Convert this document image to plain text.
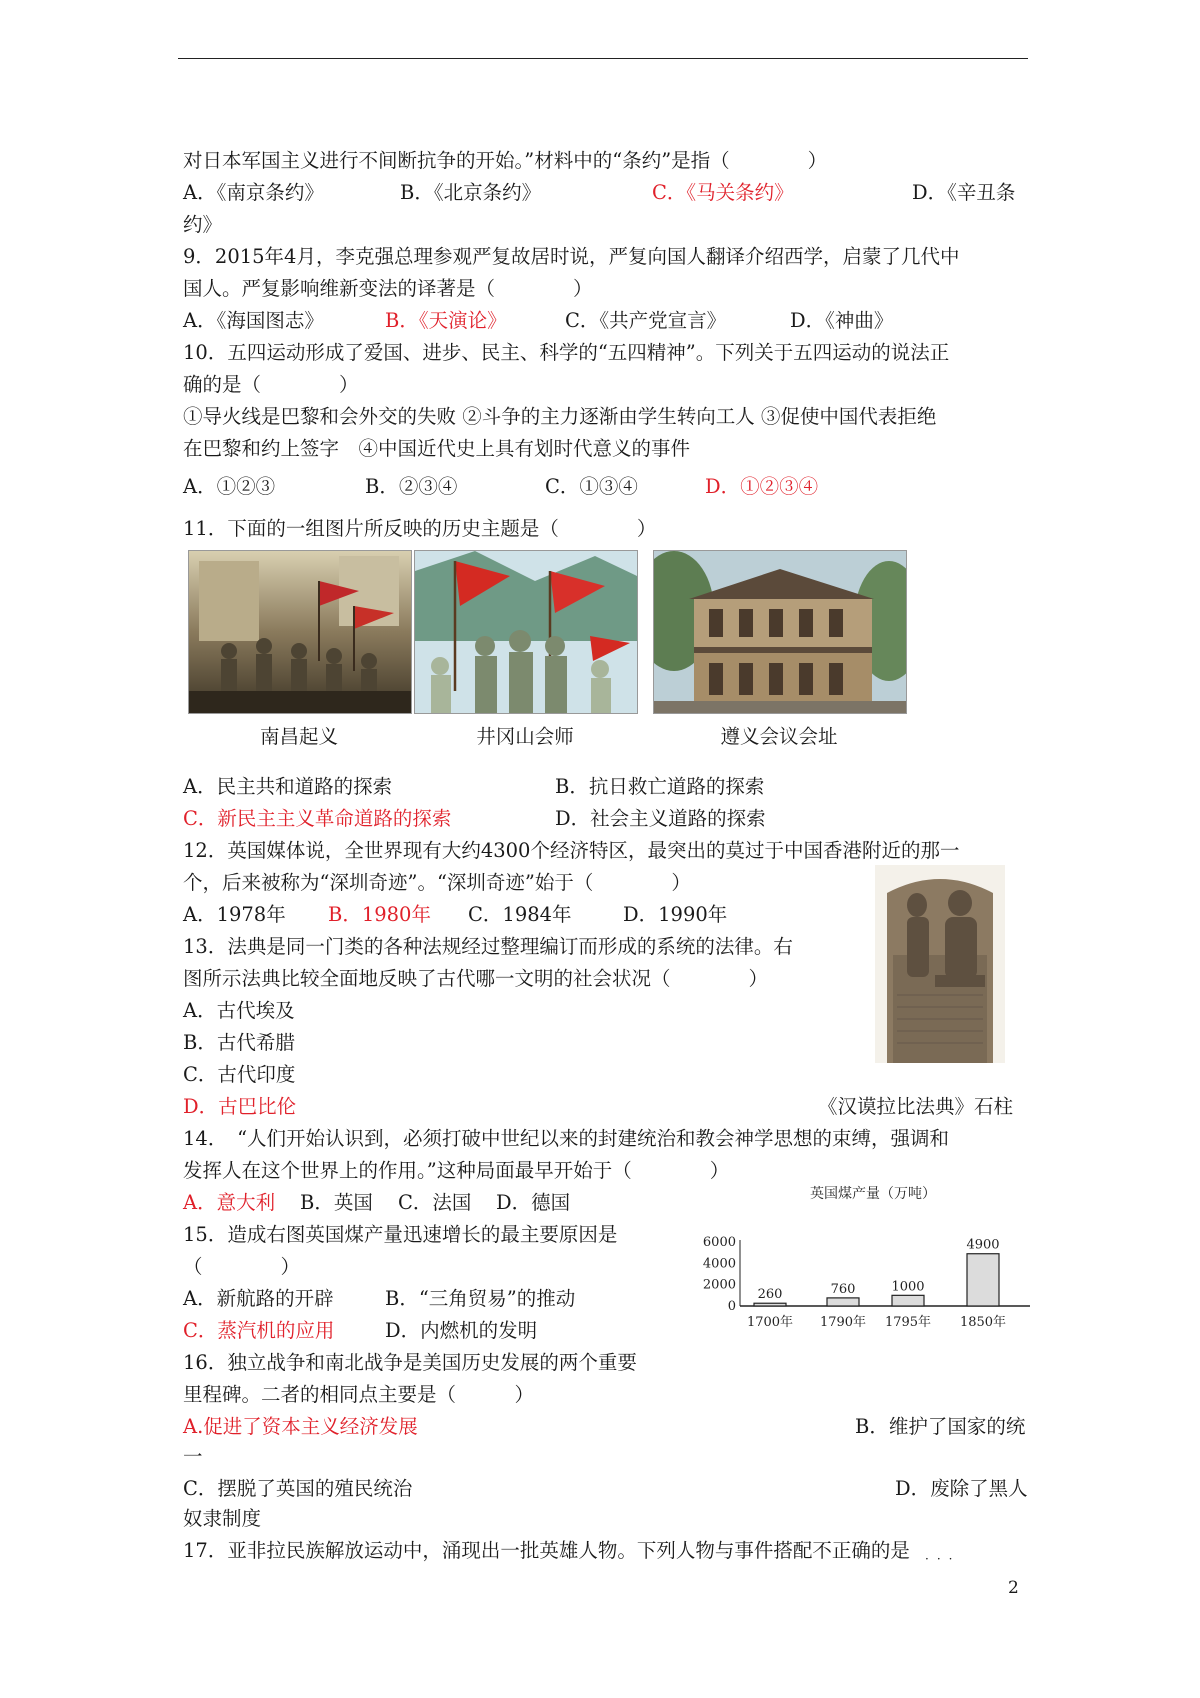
对日本军国主义进行不间断抗争的开始。”材料中的“条约”是指（　　　　）
A．《南京条约》	B．《北京条约》	C．《马关条约》	D．《辛丑条
约》
9．2015年4月，李克强总理参观严复故居时说，严复向国人翻译介绍西学，启蒙了几代中
国人。严复影响维新变法的译著是（　　　　）
A．《海国图志》	B．《天演论》	C．《共产党宣言》	D．《神曲》
10．五四运动形成了爱国、进步、民主、科学的“五四精神”。下列关于五四运动的说法正
确的是（　　　　）
①导火线是巴黎和会外交的失败 ②斗争的主力逐渐由学生转向工人 ③促使中国代表拒绝
在巴黎和约上签字　④中国近代史上具有划时代意义的事件
A．①②③	B．②③④	C．①③④	D．①②③④
11．下面的一组图片所反映的历史主题是（　　　　）
南昌起义	井冈山会师	遵义会议会址
A．民主共和道路的探索	B．抗日救亡道路的探索
C．新民主主义革命道路的探索	D．社会主义道路的探索
12．英国媒体说，全世界现有大约4300个经济特区，最突出的莫过于中国香港附近的那一
个，后来被称为“深圳奇迹”。“深圳奇迹”始于（　　　　）
A．1978年 B．1980年 C．1984年	D．1990年
13．法典是同一门类的各种法规经过整理编订而形成的系统的法律。右
图所示法典比较全面地反映了古代哪一文明的社会状况（　　　　）
A．古代埃及
B．古代希腊
C．古代印度
D．古巴比伦	《汉谟拉比法典》石柱
14．　“人们开始认识到，必须打破中世纪以来的封建统治和教会神学思想的束缚，强调和
发挥人在这个世界上的作用。”这种局面最早开始于（　　　　）
A．意大利 B．英国 C．法国 D．德国
15．造成右图英国煤产量迅速增长的最主要原因是
（　　　　）
A．新航路的开辟	B．“三角贸易”的推动
C．蒸汽机的应用	D．内燃机的发明
英国煤产量（万吨）
6000
4000
2000
0
260	760	1000
4900
1700年 1790年 1795年 1850年
16．独立战争和南北战争是美国历史发展的两个重要
里程碑。二者的相同点主要是（　　　）
A.促进了资本主义经济发展	B．维护了国家的统
一
C．摆脱了英国的殖民统治	D．废除了黑人
奴隶制度
17．亚非拉民族解放运动中，涌现出一批英雄人物。下列人物与事件搭配不正确的是 ···
2
